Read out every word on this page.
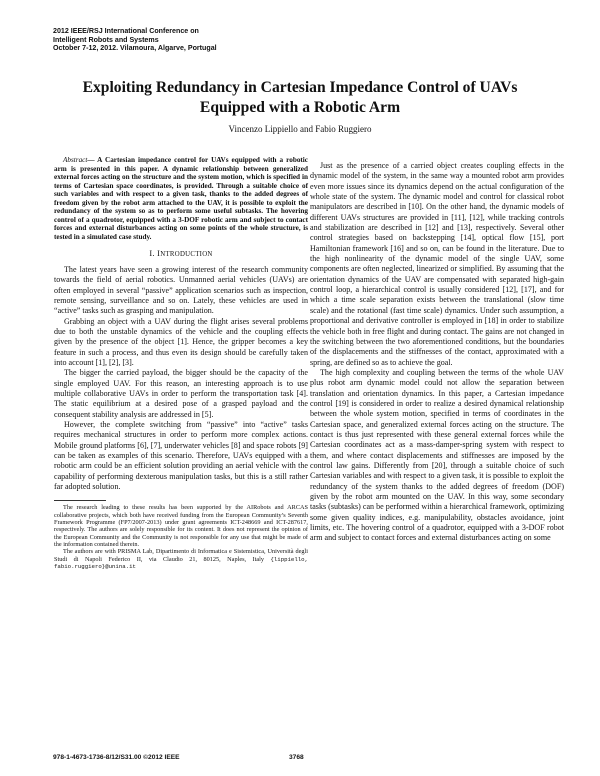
2012 IEEE/RSJ International Conference on
Intelligent Robots and Systems
October 7-12, 2012. Vilamoura, Algarve, Portugal
Exploiting Redundancy in Cartesian Impedance Control of UAVs
Equipped with a Robotic Arm
Vincenzo Lippiello and Fabio Ruggiero
Abstract— A Cartesian impedance control for UAVs equipped with a robotic arm is presented in this paper. A dynamic relationship between generalized external forces acting on the structure and the system motion, which is specified in terms of Cartesian space coordinates, is provided. Through a suitable choice of such variables and with respect to a given task, thanks to the added degrees of freedom given by the robot arm attached to the UAV, it is possible to exploit the redundancy of the system so as to perform some useful subtasks. The hovering control of a quadrotor, equipped with a 3-DOF robotic arm and subject to contact forces and external disturbances acting on some points of the whole structure, is tested in a simulated case study.
I. INTRODUCTION

The latest years have seen a growing interest of the research community towards the field of aerial robotics. Unmanned aerial vehicles (UAVs) are often employed in several “passive” application scenarios such as inspection, remote sensing, surveillance and so on. Lately, these vehicles are used in “active” tasks such as grasping and manipulation.

Grabbing an object with a UAV during the flight arises several problems due to both the unstable dynamics of the vehicle and the coupling effects given by the presence of the object [1]. Hence, the gripper becomes a key feature in such a process, and thus even its design should be carefully taken into account [1], [2], [3].

The bigger the carried payload, the bigger should be the capacity of the single employed UAV. For this reason, an interesting approach is to use multiple collaborative UAVs in order to perform the transportation task [4]. The static equilibrium at a desired pose of a grasped payload and the consequent stability analysis are addressed in [5].

However, the complete switching from “passive” into “active” tasks requires mechanical structures in order to perform more complex actions. Mobile ground platforms [6], [7], underwater vehicles [8] and space robots [9] can be taken as examples of this scenario. Therefore, UAVs equipped with a robotic arm could be an efficient solution providing an aerial vehicle with the capability of performing dexterous manipulation tasks, but this is a still rather far adopted solution.

The research leading to these results has been supported by the AIRobots and ARCAS collaborative projects, which both have received funding from the European Community’s Seventh Framework Programme (FP7/2007-2013) under grant agreements ICT-248669 and ICT-287617, respectively. The authors are solely responsible for its content. It does not represent the opinion of the European Community and the Community is not responsible for any use that might be made of the information contained therein.
The authors are with PRISMA Lab, Dipartimento di Informatica e Sistemistica, Università degli Studi di Napoli Federico II, via Claudio 21, 80125, Naples, Italy {lippiello, fabio.ruggiero}@unina.it

Just as the presence of a carried object creates coupling effects in the dynamic model of the system, in the same way a mounted robot arm provides even more issues since its dynamics depend on the actual configuration of the whole state of the system. The dynamic model and control for classical robot manipulators are described in [10]. On the other hand, the dynamic models of different UAVs structures are provided in [11], [12], while tracking controls and stabilization are described in [12] and [13], respectively. Several other control strategies based on backstepping [14], optical flow [15], port Hamiltonian framework [16] and so on, can be found in the literature. Due to the high nonlinearity of the dynamic model of the single UAV, some components are often neglected, linearized or simplified. By assuming that the orientation dynamics of the UAV are compensated with separated high-gain control loop, a hierarchical control is usually considered [12], [17], and for which a time scale separation exists between the translational (slow time scale) and the rotational (fast time scale) dynamics. Under such assumption, a proportional and derivative controller is employed in [18] in order to stabilize the vehicle both in free flight and during contact. The gains are not changed in the switching between the two aforementioned conditions, but the boundaries of the displacements and the stiffnesses of the contact, approximated with a spring, are defined so as to achieve the goal.

The high complexity and coupling between the terms of the whole UAV plus robot arm dynamic model could not allow the separation between translation and orientation dynamics. In this paper, a Cartesian impedance control [19] is considered in order to realize a desired dynamical relationship between the whole system motion, specified in terms of coordinates in the Cartesian space, and generalized external forces acting on the structure. The contact is thus just represented with these general external forces while the Cartesian coordinates act as a mass-damper-spring system with respect to them, and where contact displacements and stiffnesses are imposed by the control law gains. Differently from [20], through a suitable choice of such Cartesian variables and with respect to a given task, it is possible to exploit the redundancy of the system thanks to the added degrees of freedom (DOF) given by the robot arm mounted on the UAV. In this way, some secondary tasks (subtasks) can be performed within a hierarchical framework, optimizing some given quality indices, e.g. manipulability, obstacles avoidance, joint limits, etc. The hovering control of a quadrotor, equipped with a 3-DOF robot arm and subject to contact forces and external disturbances acting on some

978-1-4673-1736-8/12/S31.00 ©2012 IEEE	3768
